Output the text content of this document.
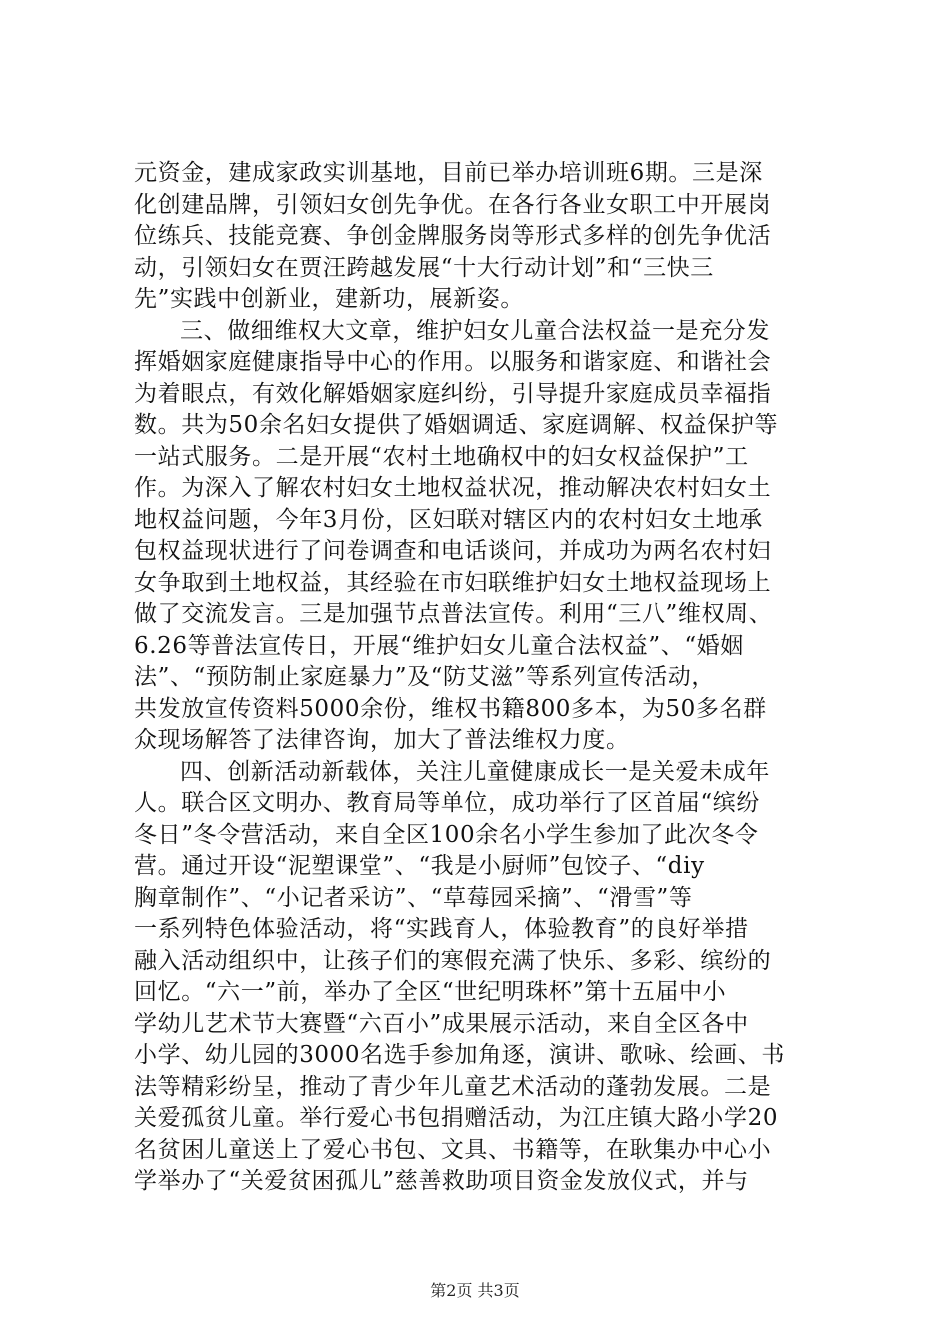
元资金，建成家政实训基地，目前已举办培训班6期。三是深
化创建品牌，引领妇女创先争优。在各行各业女职工中开展岗
位练兵、技能竞赛、争创金牌服务岗等形式多样的创先争优活
动，引领妇女在贾汪跨越发展“十大行动计划”和“三快三
先”实践中创新业，建新功，展新姿。
三、做细维权大文章，维护妇女儿童合法权益一是充分发
挥婚姻家庭健康指导中心的作用。以服务和谐家庭、和谐社会
为着眼点，有效化解婚姻家庭纠纷，引导提升家庭成员幸福指
数。共为50余名妇女提供了婚姻调适、家庭调解、权益保护等
一站式服务。二是开展“农村土地确权中的妇女权益保护”工
作。为深入了解农村妇女土地权益状况，推动解决农村妇女土
地权益问题，今年3月份，区妇联对辖区内的农村妇女土地承
包权益现状进行了问卷调查和电话谈问，并成功为两名农村妇
女争取到土地权益，其经验在市妇联维护妇女土地权益现场上
做了交流发言。三是加强节点普法宣传。利用“三八”维权周、
6.26等普法宣传日，开展“维护妇女儿童合法权益”、“婚姻
法”、“预防制止家庭暴力”及“防艾滋”等系列宣传活动，
共发放宣传资料5000余份，维权书籍800多本，为50多名群
众现场解答了法律咨询，加大了普法维权力度。
四、创新活动新载体，关注儿童健康成长一是关爱未成年
人。联合区文明办、教育局等单位，成功举行了区首届“缤纷
冬日”冬令营活动，来自全区100余名小学生参加了此次冬令
营。通过开设“泥塑课堂”、“我是小厨师”包饺子、“diy
胸章制作”、“小记者采访”、“草莓园采摘”、“滑雪”等
一系列特色体验活动，将“实践育人，体验教育”的良好举措
融入活动组织中，让孩子们的寒假充满了快乐、多彩、缤纷的
回忆。“六一”前，举办了全区“世纪明珠杯”第十五届中小
学幼儿艺术节大赛暨“六百小”成果展示活动，来自全区各中
小学、幼儿园的3000名选手参加角逐，演讲、歌咏、绘画、书
法等精彩纷呈，推动了青少年儿童艺术活动的蓬勃发展。二是
关爱孤贫儿童。举行爱心书包捐赠活动，为江庄镇大路小学20
名贫困儿童送上了爱心书包、文具、书籍等，在耿集办中心小
学举办了“关爱贫困孤儿”慈善救助项目资金发放仪式，并与
第2页 共3页
